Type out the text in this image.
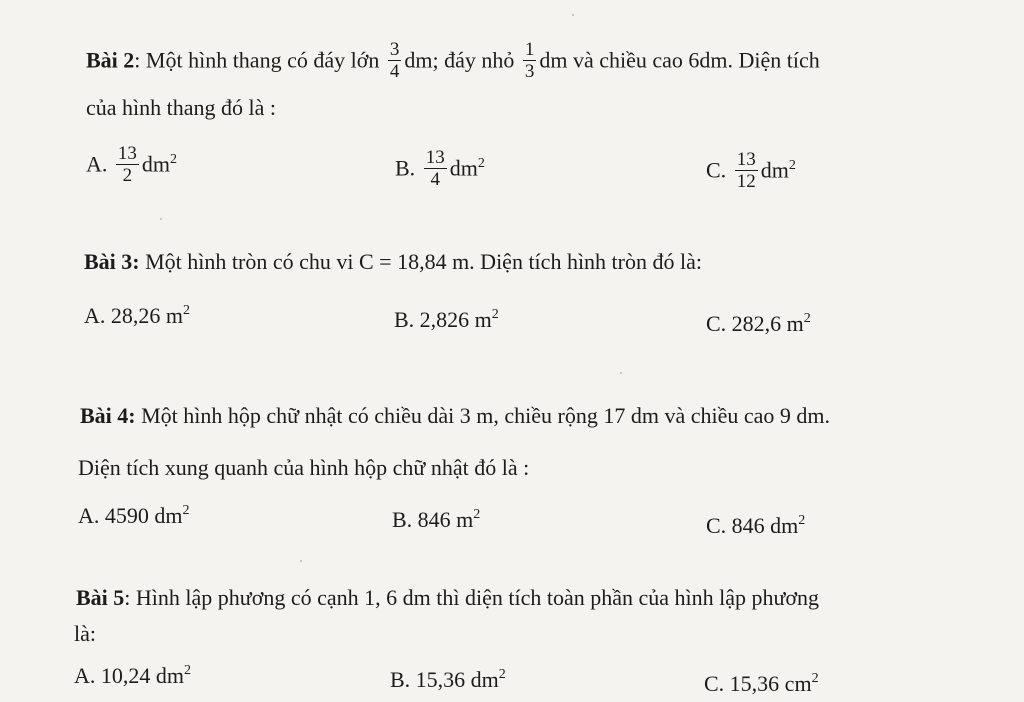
Bài 2: Một hình thang có đáy lớn $\frac{3}{4}$ dm; đáy nhỏ $\frac{1}{3}$ dm và chiều cao 6dm. Diện tích
của hình thang đó là :
A. $\frac{13}{2} dm^2$	B. $\frac{13}{4} dm^2$	C. $\frac{13}{12} dm^2$
Bài 3: Một hình tròn có chu vi C = 18,84 m. Diện tích hình tròn đó là:
A. 28,26 $m^2$	B. 2,826 $m^2$	C. 282,6 $m^2$
Bài 4: Một hình hộp chữ nhật có chiều dài 3 m, chiều rộng 17 dm và chiều cao 9 dm.
Diện tích xung quanh của hình hộp chữ nhật đó là :
A. 4590 $dm^2$	B. 846 $m^2$	C. 846 $dm^2$
Bài 5: Hình lập phương có cạnh 1, 6 dm thì diện tích toàn phần của hình lập phương
là:
A. 10,24 $dm^2$	B. 15,36 $dm^2$	C. 15,36 $cm^2$
